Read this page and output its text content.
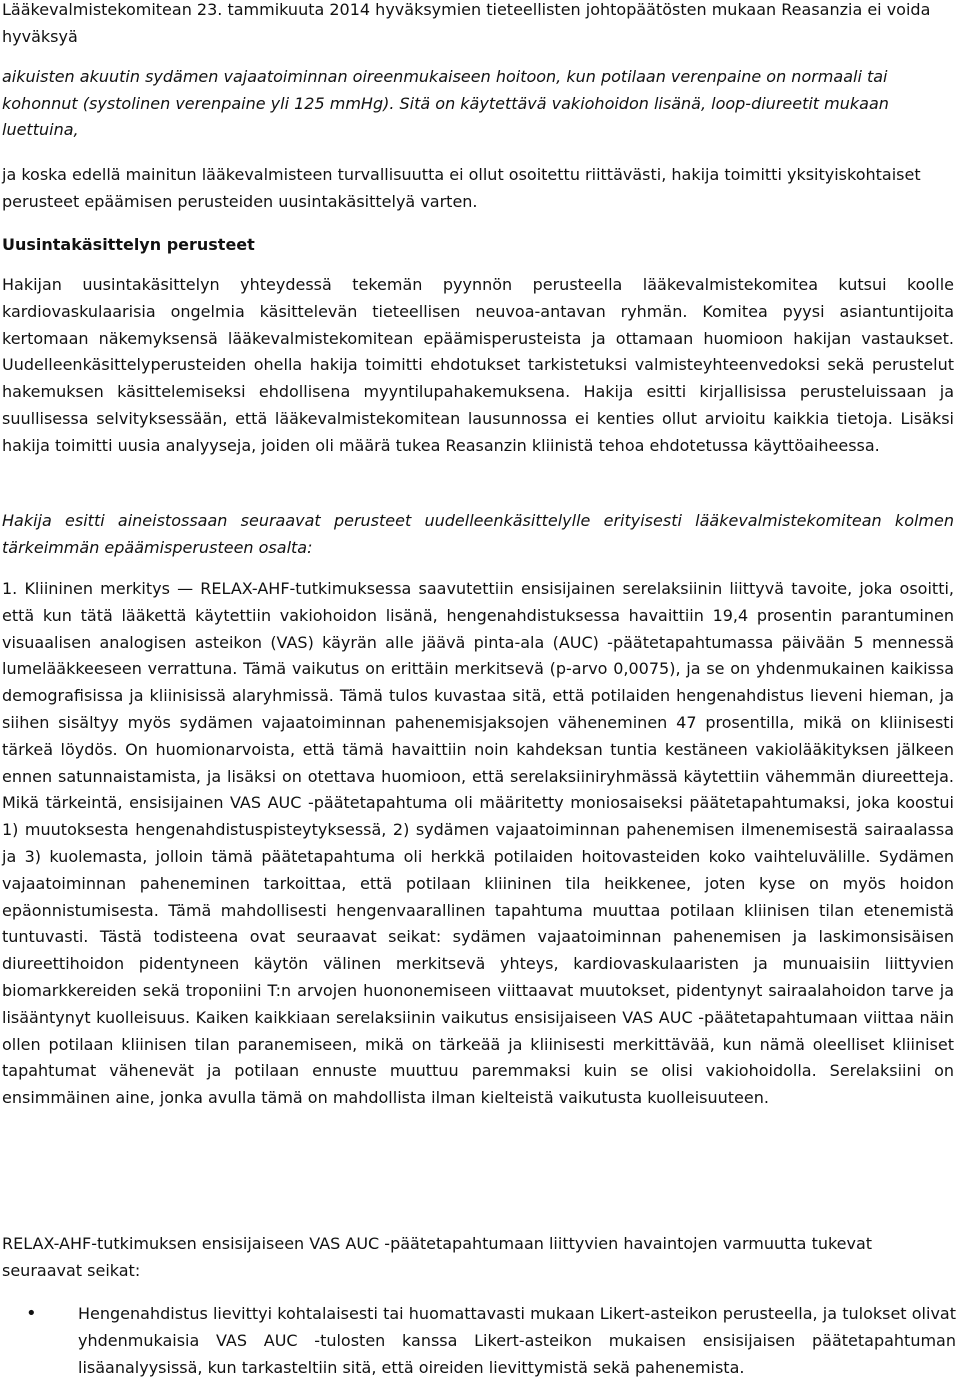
Lääkevalmistekomitean 23. tammikuuta 2014 hyväksymien tieteellisten johtopäätösten mukaan Reasanzia ei voida hyväksyä

aikuisten akuutin sydämen vajaatoiminnan oireenmukaiseen hoitoon, kun potilaan verenpaine on normaali tai kohonnut (systolinen verenpaine yli 125 mmHg). Sitä on käytettävä vakiohoidon lisänä, loop-diureetit mukaan luettuina,

ja koska edellä mainitun lääkevalmisteen turvallisuutta ei ollut osoitettu riittävästi, hakija toimitti yksityiskohtaiset perusteet epäämisen perusteiden uusintakäsittelyä varten.

Uusintakäsittelyn perusteet

Hakijan uusintakäsittelyn yhteydessä tekemän pyynnön perusteella lääkevalmistekomitea kutsui koolle kardiovaskulaarisia ongelmia käsittelevän tieteellisen neuvoa-antavan ryhmän. Komitea pyysi asiantuntijoita kertomaan näkemyksensä lääkevalmistekomitean epäämisperusteista ja ottamaan huomioon hakijan vastaukset. Uudelleenkäsittelyperusteiden ohella hakija toimitti ehdotukset tarkistetuksi valmisteyhteenvedoksi sekä perustelut hakemuksen käsittelemiseksi ehdollisena myyntilupahakemuksena. Hakija esitti kirjallisissa perusteluissaan ja suullisessa selvityksessään, että lääkevalmistekomitean lausunnossa ei kenties ollut arvioitu kaikkia tietoja. Lisäksi hakija toimitti uusia analyyseja, joiden oli määrä tukea Reasanzin kliinistä tehoa ehdotetussa käyttöaiheessa.

Hakija esitti aineistossaan seuraavat perusteet uudelleenkäsittelylle erityisesti lääkevalmistekomitean kolmen tärkeimmän epäämisperusteen osalta:

1. Kliininen merkitys — RELAX-AHF-tutkimuksessa saavutettiin ensisijainen serelaksiinin liittyvä tavoite, joka osoitti, että kun tätä lääkettä käytettiin vakiohoidon lisänä, hengenahdistuksessa havaittiin 19,4 prosentin parantuminen visuaalisen analogisen asteikon (VAS) käyrän alle jäävä pinta-ala (AUC) -päätetapahtumassa päivään 5 mennessä lumelääkkeeseen verrattuna. Tämä vaikutus on erittäin merkitsevä (p-arvo 0,0075), ja se on yhdenmukainen kaikissa demografisissa ja kliinisissä alaryhmissä. Tämä tulos kuvastaa sitä, että potilaiden hengenahdistus lieveni hieman, ja siihen sisältyy myös sydämen vajaatoiminnan pahenemisjaksojen väheneminen 47 prosentilla, mikä on kliinisesti tärkeä löydös. On huomionarvoista, että tämä havaittiin noin kahdeksan tuntia kestäneen vakiolääkityksen jälkeen ennen satunnaistamista, ja lisäksi on otettava huomioon, että serelaksiiniryhmässä käytettiin vähemmän diureetteja. Mikä tärkeintä, ensisijainen VAS AUC -päätetapahtuma oli määritetty moniosaiseksi päätetapahtumaksi, joka koostui 1) muutoksesta hengenahdistuspisteytyksessä, 2) sydämen vajaatoiminnan pahenemisen ilmenemisestä sairaalassa ja 3) kuolemasta, jolloin tämä päätetapahtuma oli herkkä potilaiden hoitovasteiden koko vaihteluvälille. Sydämen vajaatoiminnan paheneminen tarkoittaa, että potilaan kliininen tila heikkenee, joten kyse on myös hoidon epäonnistumisesta. Tämä mahdollisesti hengenvaarallinen tapahtuma muuttaa potilaan kliinisen tilan etenemistä tuntuvasti. Tästä todisteena ovat seuraavat seikat: sydämen vajaatoiminnan pahenemisen ja laskimonsisäisen diureettihoidon pidentyneen käytön välinen merkitsevä yhteys, kardiovaskulaaristen ja munuaisiin liittyvien biomarkkereiden sekä troponiini T:n arvojen huononemiseen viittaavat muutokset, pidentynyt sairaalahoidon tarve ja lisääntynyt kuolleisuus. Kaiken kaikkiaan serelaksiinin vaikutus ensisijaiseen VAS AUC -päätetapahtumaan viittaa näin ollen potilaan kliinisen tilan paranemiseen, mikä on tärkeää ja kliinisesti merkittävää, kun nämä oleelliset kliiniset tapahtumat vähenevät ja potilaan ennuste muuttuu paremmaksi kuin se olisi vakiohoidolla. Serelaksiini on ensimmäinen aine, jonka avulla tämä on mahdollista ilman kielteistä vaikutusta kuolleisuuteen.

RELAX-AHF-tutkimuksen ensisijaiseen VAS AUC -päätetapahtumaan liittyvien havaintojen varmuutta tukevat seuraavat seikat:

•	Hengenahdistus lievittyi kohtalaisesti tai huomattavasti mukaan Likert-asteikon perusteella, ja tulokset olivat yhdenmukaisia VAS AUC -tulosten kanssa Likert-asteikon mukaisen ensisijaisen päätetapahtuman lisäanalyysissä, kun tarkasteltiin sitä, että oireiden lievittymistä sekä pahenemista.
